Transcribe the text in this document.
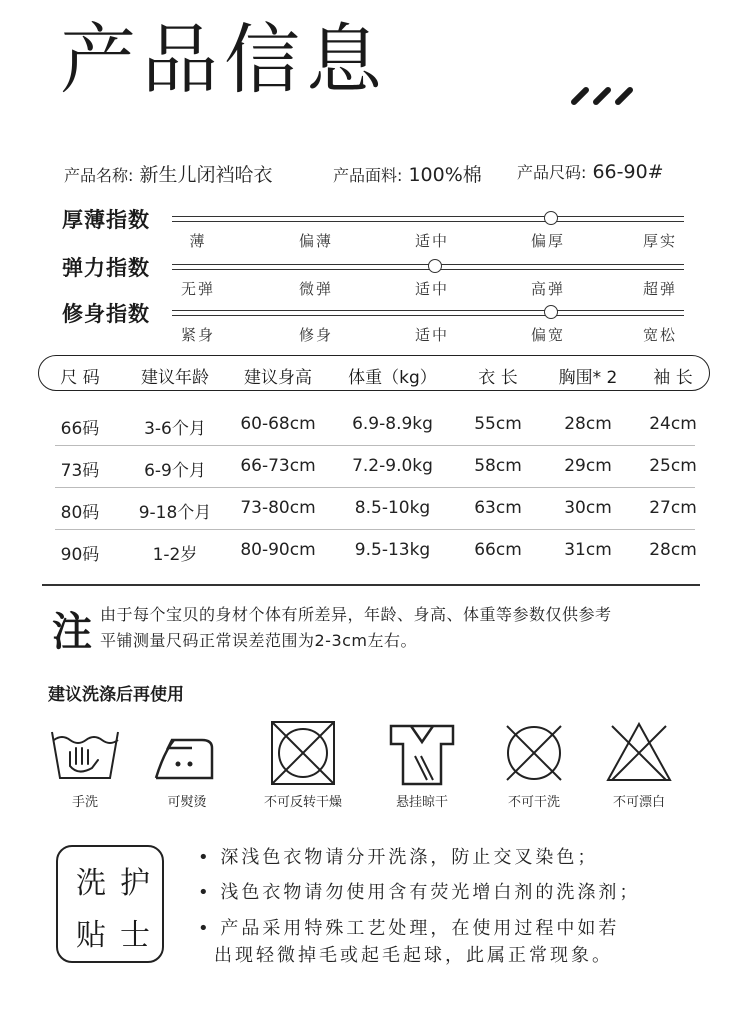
产品信息
产品名称: 新生儿闭裆哈衣	产品面料: 100%棉 产品尺码: 66-90#
厚薄指数
薄	偏薄	适中	偏厚	厚实
弹力指数
无弹	微弹	适中	高弹	超弹
修身指数
紧身	修身	适中	偏宽	宽松
尺 码	建议年龄	建议身高	体重（kg）	衣 长	胸围* 2	袖 长
66码	3-6个月	60-68cm	6.9-8.9kg	55cm	28cm	24cm
73码	6-9个月	66-73cm	7.2-9.0kg	58cm	29cm	25cm
80码	9-18个月	73-80cm	8.5-10kg	63cm	30cm	27cm
90码	1-2岁	80-90cm	9.5-13kg	66cm	31cm	28cm
注 由于每个宝贝的身材个体有所差异，年龄、身高、体重等参数仅供参考
平铺测量尺码正常误差范围为2-3cm左右。
建议洗涤后再使用
手洗	可熨烫	不可反转干燥	悬挂晾干	不可干洗	不可漂白
洗护
贴士
• 深浅色衣物请分开洗涤，防止交叉染色；
• 浅色衣物请勿使用含有荧光增白剂的洗涤剂；
• 产品采用特殊工艺处理，在使用过程中如若
出现轻微掉毛或起毛起球，此属正常现象。
